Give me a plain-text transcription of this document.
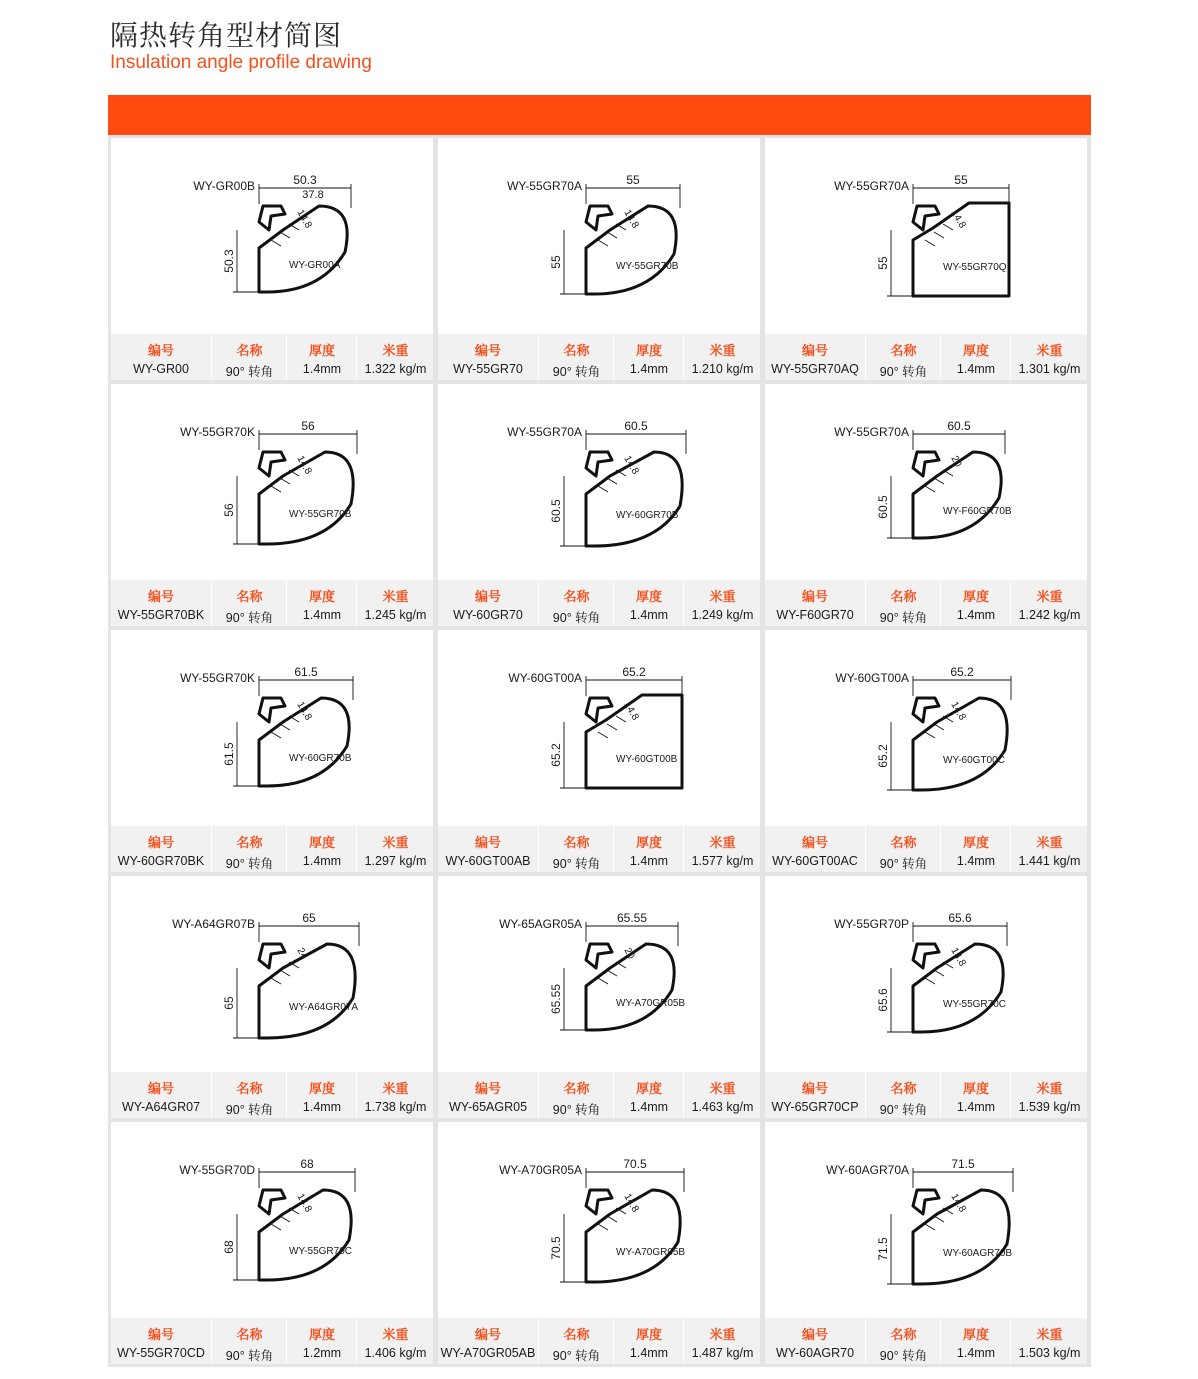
隔热转角型材简图
Insulation angle profile drawing
50.3
37.8
50.3
14.8
WY-GR00B
WY-GR00A
编号
WY-GR00
名称
90° 转角
厚度
1.4mm
米重
1.322 kg/m
55
55
14.8
WY-55GR70A
WY-55GR70B
编号
WY-55GR70
名称
90° 转角
厚度
1.4mm
米重
1.210 kg/m
55
55
14.8
WY-55GR70A
WY-55GR70Q
编号
WY-55GR70AQ
名称
90° 转角
厚度
1.4mm
米重
1.301 kg/m
56
56
14.8
WY-55GR70K
WY-55GR70B
编号
WY-55GR70BK
名称
90° 转角
厚度
1.4mm
米重
1.245 kg/m
60.5
60.5
14.8
WY-55GR70A
WY-60GR70B
编号
WY-60GR70
名称
90° 转角
厚度
1.4mm
米重
1.249 kg/m
60.5
60.5
20
WY-55GR70A
WY-F60GR70B
编号
WY-F60GR70
名称
90° 转角
厚度
1.4mm
米重
1.242 kg/m
61.5
61.5
14.8
WY-55GR70K
WY-60GR70B
编号
WY-60GR70BK
名称
90° 转角
厚度
1.4mm
米重
1.297 kg/m
65.2
65.2
14.8
WY-60GT00A
WY-60GT00B
编号
WY-60GT00AB
名称
90° 转角
厚度
1.4mm
米重
1.577 kg/m
65.2
65.2
14.8
WY-60GT00A
WY-60GT00C
编号
WY-60GT00AC
名称
90° 转角
厚度
1.4mm
米重
1.441 kg/m
65
65
24
WY-A64GR07B
WY-A64GR07A
编号
WY-A64GR07
名称
90° 转角
厚度
1.4mm
米重
1.738 kg/m
65.55
65.55
20
WY-65AGR05A
WY-A70GR05B
编号
WY-65AGR05
名称
90° 转角
厚度
1.4mm
米重
1.463 kg/m
65.6
65.6
14.8
WY-55GR70P
WY-55GR70C
编号
WY-65GR70CP
名称
90° 转角
厚度
1.4mm
米重
1.539 kg/m
68
68
14.8
WY-55GR70D
WY-55GR70C
编号
WY-55GR70CD
名称
90° 转角
厚度
1.2mm
米重
1.406 kg/m
70.5
70.5
14.8
WY-A70GR05A
WY-A70GR05B
编号
WY-A70GR05AB
名称
90° 转角
厚度
1.4mm
米重
1.487 kg/m
71.5
71.5
14.8
WY-60AGR70A
WY-60AGR70B
编号
WY-60AGR70
名称
90° 转角
厚度
1.4mm
米重
1.503 kg/m
